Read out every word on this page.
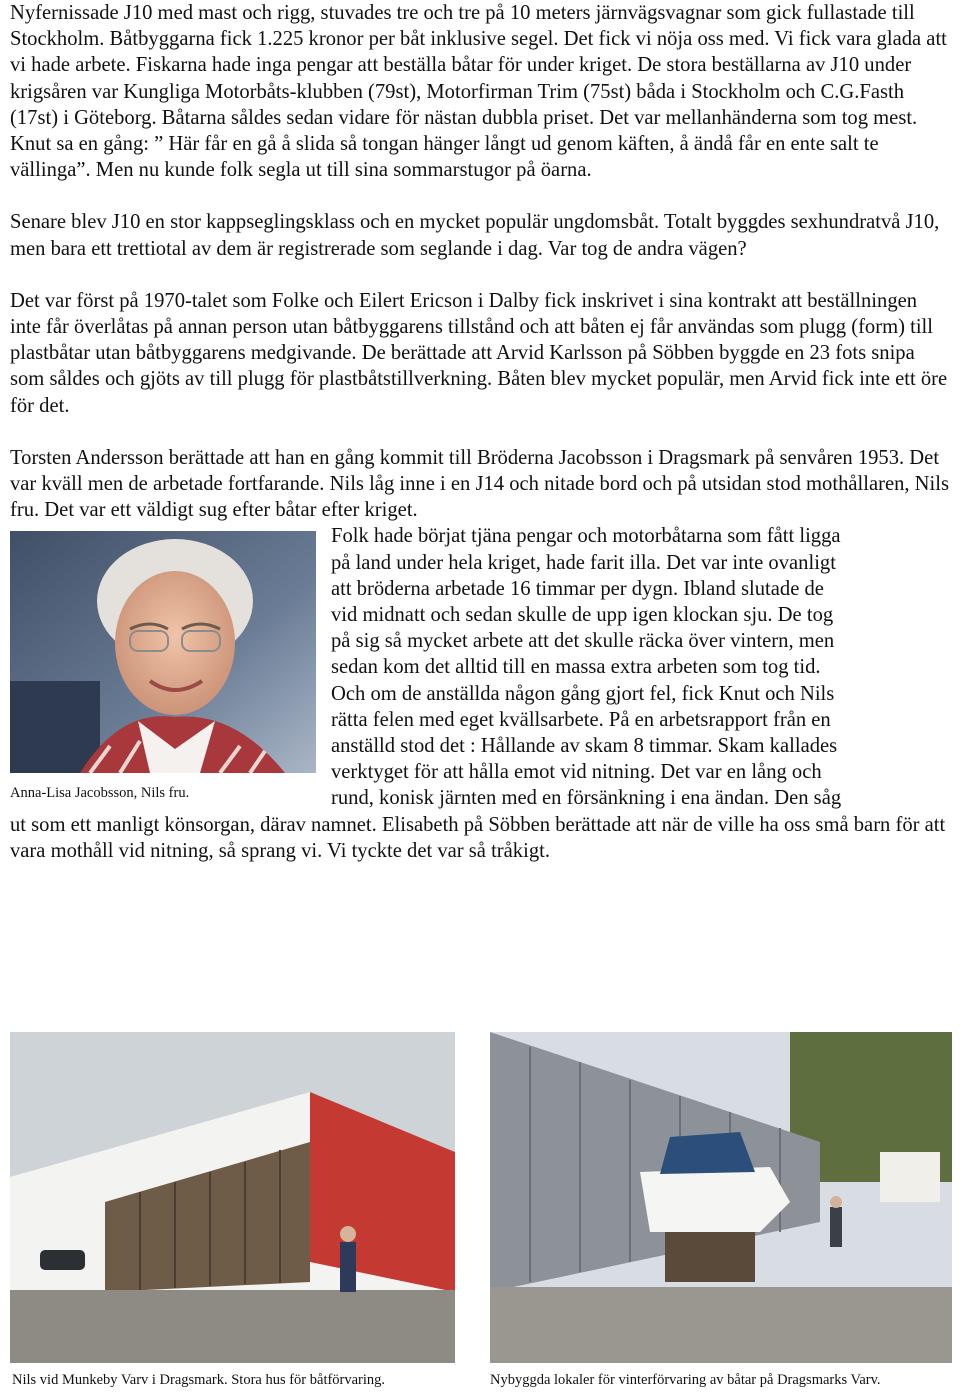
Nyfernissade J10 med mast och rigg, stuvades tre och tre på 10 meters järnvägsvagnar som gick fullastade till Stockholm. Båtbyggarna fick 1.225 kronor per båt inklusive segel. Det fick vi nöja oss med. Vi fick vara glada att vi hade arbete. Fiskarna hade inga pengar att beställa båtar för under kriget. De stora beställarna av J10 under krigsåren var Kungliga Motorbåts-klubben (79st), Motorfirman Trim (75st) båda i Stockholm och C.G.Fasth (17st) i Göteborg. Båtarna såldes sedan vidare för nästan dubbla priset. Det var mellanhänderna som tog mest. Knut sa en gång: ” Här får en gå å slida så tongan hänger långt ud genom käften, å ändå får en ente salt te vällinga”. Men nu kunde folk segla ut till sina sommarstugor på öarna.

Senare blev J10 en stor kappseglingsklass och en mycket populär ungdomsbåt. Totalt byggdes sexhundratvå J10, men bara ett trettiotal av dem är registrerade som seglande i dag. Var tog de andra vägen?

Det var först på 1970-talet som Folke och Eilert Ericson i Dalby fick inskrivet i sina kontrakt att beställningen inte får överlåtas på annan person utan båtbyggarens tillstånd och att båten ej får användas som plugg (form) till plastbåtar utan båtbyggarens medgivande. De berättade att Arvid Karlsson på Söbben byggde en 23 fots snipa som såldes och gjöts av till plugg för plastbåtstillverkning. Båten blev mycket populär, men Arvid fick inte ett öre för det.

Torsten Andersson berättade att han en gång kommit till Bröderna Jacobsson i Dragsmark på senvåren 1953. Det var kväll men de arbetade fortfarande. Nils låg inne i en J14 och nitade bord och på utsidan stod mothållaren, Nils fru. Det var ett väldigt sug efter båtar efter kriget.

Anna-Lisa Jacobsson, Nils fru.

Folk hade börjat tjäna pengar och motorbåtarna som fått ligga

på land under hela kriget, hade farit illa. Det var inte ovanligt

att bröderna arbetade 16 timmar per dygn. Ibland slutade de

vid midnatt och sedan skulle de upp igen klockan sju. De tog

på sig så mycket arbete att det skulle räcka över vintern, men

sedan kom det alltid till en massa extra arbeten som tog tid.

Och om de anställda någon gång gjort fel, fick Knut och Nils

rätta felen med eget kvällsarbete. På en arbetsrapport från en

anställd stod det : Hållande av skam 8 timmar. Skam kallades

verktyget för att hålla emot vid nitning. Det var en lång och

rund, konisk järnten med en försänkning i ena ändan. Den såg

ut som ett manligt könsorgan, därav namnet. Elisabeth på Söbben berättade att när de ville ha oss små barn för att vara mothåll vid nitning, så sprang vi. Vi tyckte det var så tråkigt.

Nils vid Munkeby Varv i Dragsmark. Stora hus för båtförvaring.	Nybyggda lokaler för vinterförvaring av båtar på Dragsmarks Varv.
